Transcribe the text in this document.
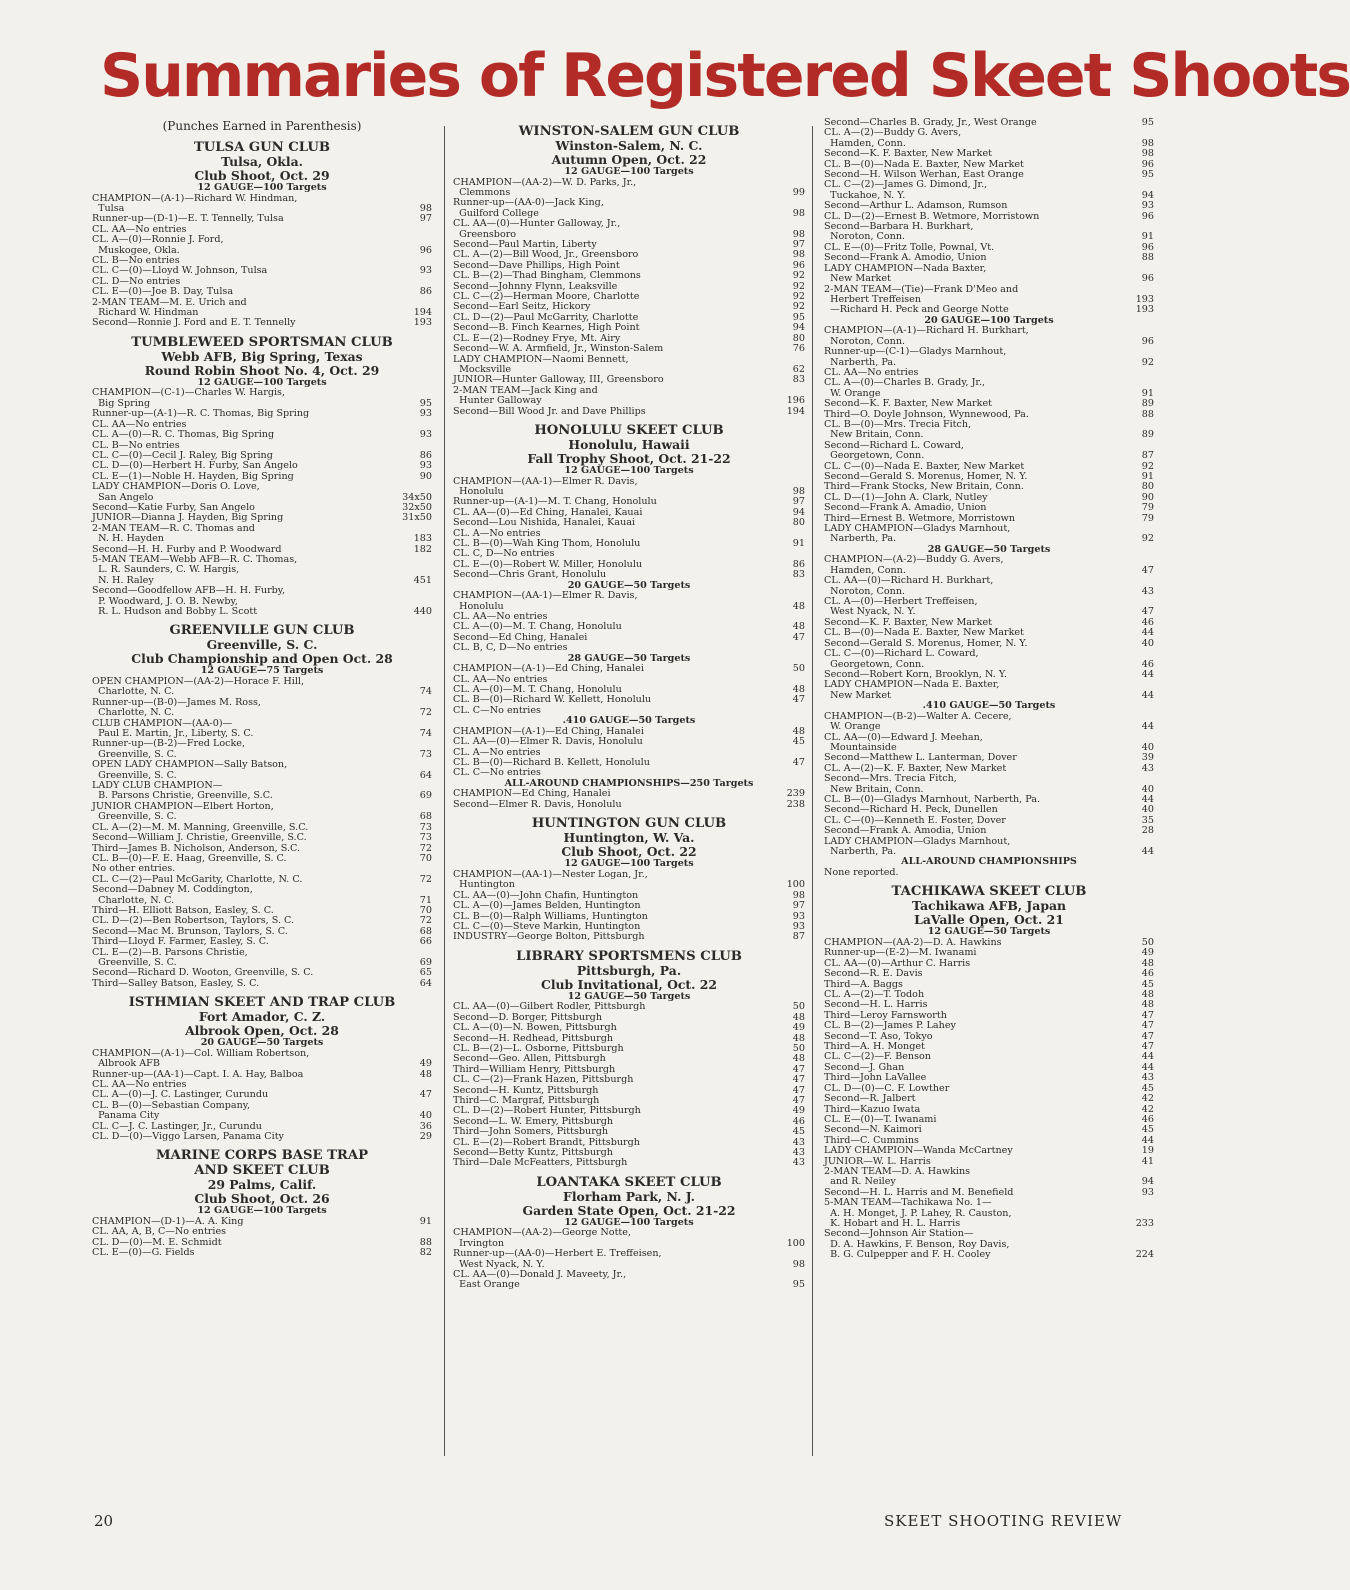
Summaries of Registered Skeet Shoots
(Punches Earned in Parenthesis)
TULSA GUN CLUB
Tulsa, Okla.
Club Shoot, Oct. 29
12 GAUGE—100 Targets
CHAMPION—(A-1)—Richard W. Hindman,
Tulsa	98
Runner-up—(D-1)—E. T. Tennelly, Tulsa	97
CL. AA—No entries
CL. A—(0)—Ronnie J. Ford,
Muskogee, Okla.	96
CL. B—No entries
CL. C—(0)—Lloyd W. Johnson, Tulsa	93
CL. D—No entries
CL. E—(0)—Joe B. Day, Tulsa	86
2-MAN TEAM—M. E. Urich and
Richard W. Hindman	194
Second—Ronnie J. Ford and E. T. Tennelly	193
TUMBLEWEED SPORTSMAN CLUB
Webb AFB, Big Spring, Texas
Round Robin Shoot No. 4, Oct. 29
12 GAUGE—100 Targets
CHAMPION—(C-1)—Charles W. Hargis,
Big Spring	95
Runner-up—(A-1)—R. C. Thomas, Big Spring	93
CL. AA—No entries
CL. A—(0)—R. C. Thomas, Big Spring	93
CL. B—No entries
CL. C—(0)—Cecil J. Raley, Big Spring	86
CL. D—(0)—Herbert H. Furby, San Angelo	93
CL. E—(1)—Noble H. Hayden, Big Spring	90
LADY CHAMPION—Doris O. Love,
San Angelo	34x50
Second—Katie Furby, San Angelo	32x50
JUNIOR—Dianna J. Hayden, Big Spring	31x50
2-MAN TEAM—R. C. Thomas and
N. H. Hayden	183
Second—H. H. Furby and P. Woodward	182
5-MAN TEAM—Webb AFB—R. C. Thomas,
L. R. Saunders, C. W. Hargis,
N. H. Raley	451
Second—Goodfellow AFB—H. H. Furby,
P. Woodward, J. O. B. Newby,
R. L. Hudson and Bobby L. Scott	440
GREENVILLE GUN CLUB
Greenville, S. C.
Club Championship and Open Oct. 28
12 GAUGE—75 Targets
OPEN CHAMPION—(AA-2)—Horace F. Hill,
Charlotte, N. C.	74
Runner-up—(B-0)—James M. Ross,
Charlotte, N. C.	72
CLUB CHAMPION—(AA-0)—
Paul E. Martin, Jr., Liberty, S. C.	74
Runner-up—(B-2)—Fred Locke,
Greenville, S. C.	73
OPEN LADY CHAMPION—Sally Batson,
Greenville, S. C.	64
LADY CLUB CHAMPION—
B. Parsons Christie, Greenville, S.C.	69
JUNIOR CHAMPION—Elbert Horton,
Greenville, S. C.	68
CL. A—(2)—M. M. Manning, Greenville, S.C.	73
Second—William J. Christie, Greenville, S.C.	73
Third—James B. Nicholson, Anderson, S.C.	72
CL. B—(0)—F. E. Haag, Greenville, S. C.	70
No other entries.
CL. C—(2)—Paul McGarity, Charlotte, N. C.	72
Second—Dabney M. Coddington,
Charlotte, N. C.	71
Third—H. Elliott Batson, Easley, S. C.	70
CL. D—(2)—Ben Robertson, Taylors, S. C.	72
Second—Mac M. Brunson, Taylors, S. C.	68
Third—Lloyd F. Farmer, Easley, S. C.	66
CL. E—(2)—B. Parsons Christie,
Greenville, S. C.	69
Second—Richard D. Wooton, Greenville, S. C.	65
Third—Salley Batson, Easley, S. C.	64
ISTHMIAN SKEET AND TRAP CLUB
Fort Amador, C. Z.
Albrook Open, Oct. 28
20 GAUGE—50 Targets
CHAMPION—(A-1)—Col. William Robertson,
Albrook AFB	49
Runner-up—(AA-1)—Capt. I. A. Hay, Balboa	48
CL. AA—No entries
CL. A—(0)—J. C. Lastinger, Curundu	47
CL. B—(0)—Sebastian Company,
Panama City	40
CL. C—J. C. Lastinger, Jr., Curundu	36
CL. D—(0)—Viggo Larsen, Panama City	29
MARINE CORPS BASE TRAP
AND SKEET CLUB
29 Palms, Calif.
Club Shoot, Oct. 26
12 GAUGE—100 Targets
CHAMPION—(D-1)—A. A. King	91
CL. AA, A, B, C—No entries
CL. D—(0)—M. E. Schmidt	88
CL. E—(0)—G. Fields	82
WINSTON-SALEM GUN CLUB
Winston-Salem, N. C.
Autumn Open, Oct. 22
12 GAUGE—100 Targets
CHAMPION—(AA-2)—W. D. Parks, Jr.,
Clemmons	99
Runner-up—(AA-0)—Jack King,
Guilford College	98
CL. AA—(0)—Hunter Galloway, Jr.,
Greensboro	98
Second—Paul Martin, Liberty	97
CL. A—(2)—Bill Wood, Jr., Greensboro	98
Second—Dave Phillips, High Point	96
CL. B—(2)—Thad Bingham, Clemmons	92
Second—Johnny Flynn, Leaksville	92
CL. C—(2)—Herman Moore, Charlotte	92
Second—Earl Seitz, Hickory	92
CL. D—(2)—Paul McGarrity, Charlotte	95
Second—B. Finch Kearnes, High Point	94
CL. E—(2)—Rodney Frye, Mt. Airy	80
Second—W. A. Armfield, Jr., Winston-Salem	76
LADY CHAMPION—Naomi Bennett,
Mocksville	62
JUNIOR—Hunter Galloway, III, Greensboro	83
2-MAN TEAM—Jack King and
Hunter Galloway	196
Second—Bill Wood Jr. and Dave Phillips	194
HONOLULU SKEET CLUB
Honolulu, Hawaii
Fall Trophy Shoot, Oct. 21-22
12 GAUGE—100 Targets
CHAMPION—(AA-1)—Elmer R. Davis,
Honolulu	98
Runner-up—(A-1)—M. T. Chang, Honolulu	97
CL. AA—(0)—Ed Ching, Hanalei, Kauai	94
Second—Lou Nishida, Hanalei, Kauai	80
CL. A—No entries
CL. B—(0)—Wah King Thom, Honolulu	91
CL. C, D—No entries
CL. E—(0)—Robert W. Miller, Honolulu	86
Second—Chris Grant, Honolulu	83
20 GAUGE—50 Targets
CHAMPION—(AA-1)—Elmer R. Davis,
Honolulu	48
CL. AA—No entries
CL. A—(0)—M. T. Chang, Honolulu	48
Second—Ed Ching, Hanalei	47
CL. B, C, D—No entries
28 GAUGE—50 Targets
CHAMPION—(A-1)—Ed Ching, Hanalei	50
CL. AA—No entries
CL. A—(0)—M. T. Chang, Honolulu	48
CL. B—(0)—Richard W. Kellett, Honolulu	47
CL. C—No entries
.410 GAUGE—50 Targets
CHAMPION—(A-1)—Ed Ching, Hanalei	48
CL. AA—(0)—Elmer R. Davis, Honolulu	45
CL. A—No entries
CL. B—(0)—Richard B. Kellett, Honolulu	47
CL. C—No entries
ALL-AROUND CHAMPIONSHIPS—250 Targets
CHAMPION—Ed Ching, Hanalei	239
Second—Elmer R. Davis, Honolulu	238
HUNTINGTON GUN CLUB
Huntington, W. Va.
Club Shoot, Oct. 22
12 GAUGE—100 Targets
CHAMPION—(AA-1)—Nester Logan, Jr.,
Huntington	100
CL. AA—(0)—John Chafin, Huntington	98
CL. A—(0)—James Belden, Huntington	97
CL. B—(0)—Ralph Williams, Huntington	93
CL. C—(0)—Steve Markin, Huntington	93
INDUSTRY—George Bolton, Pittsburgh	87
LIBRARY SPORTSMENS CLUB
Pittsburgh, Pa.
Club Invitational, Oct. 22
12 GAUGE—50 Targets
CL. AA—(0)—Gilbert Rodler, Pittsburgh	50
Second—D. Borger, Pittsburgh	48
CL. A—(0)—N. Bowen, Pittsburgh	49
Second—H. Redhead, Pittsburgh	48
CL. B—(2)—L. Osborne, Pittsburgh	50
Second—Geo. Allen, Pittsburgh	48
Third—William Henry, Pittsburgh	47
CL. C—(2)—Frank Hazen, Pittsburgh	47
Second—H. Kuntz, Pittsburgh	47
Third—C. Margraf, Pittsburgh	47
CL. D—(2)—Robert Hunter, Pittsburgh	49
Second—L. W. Emery, Pittsburgh	46
Third—John Somers, Pittsburgh	45
CL. E—(2)—Robert Brandt, Pittsburgh	43
Second—Betty Kuntz, Pittsburgh	43
Third—Dale McFeatters, Pittsburgh	43
LOANTAKA SKEET CLUB
Florham Park, N. J.
Garden State Open, Oct. 21-22
12 GAUGE—100 Targets
CHAMPION—(AA-2)—George Notte,
Irvington	100
Runner-up—(AA-0)—Herbert E. Treffeisen,
West Nyack, N. Y.	98
CL. AA—(0)—Donald J. Maveety, Jr.,
East Orange	95
Second—Charles B. Grady, Jr., West Orange	95
CL. A—(2)—Buddy G. Avers,
Hamden, Conn.	98
Second—K. F. Baxter, New Market	98
CL. B—(0)—Nada E. Baxter, New Market	96
Second—H. Wilson Werhan, East Orange	95
CL. C—(2)—James G. Dimond, Jr.,
Tuckahoe, N. Y.	94
Second—Arthur L. Adamson, Rumson	93
CL. D—(2)—Ernest B. Wetmore, Morristown	96
Second—Barbara H. Burkhart,
Noroton, Conn.	91
CL. E—(0)—Fritz Tolle, Pownal, Vt.	96
Second—Frank A. Amodio, Union	88
LADY CHAMPION—Nada Baxter,
New Market	96
2-MAN TEAM—(Tie)—Frank D'Meo and
Herbert Treffeisen	193
—Richard H. Peck and George Notte	193
20 GAUGE—100 Targets
CHAMPION—(A-1)—Richard H. Burkhart,
Noroton, Conn.	96
Runner-up—(C-1)—Gladys Marnhout,
Narberth, Pa.	92
CL. AA—No entries
CL. A—(0)—Charles B. Grady, Jr.,
W. Orange	91
Second—K. F. Baxter, New Market	89
Third—O. Doyle Johnson, Wynnewood, Pa.	88
CL. B—(0)—Mrs. Trecia Fitch,
New Britain, Conn.	89
Second—Richard L. Coward,
Georgetown, Conn.	87
CL. C—(0)—Nada E. Baxter, New Market	92
Second—Gerald S. Morenus, Homer, N. Y.	91
Third—Frank Stocks, New Britain, Conn.	80
CL. D—(1)—John A. Clark, Nutley	90
Second—Frank A. Amadio, Union	79
Third—Ernest B. Wetmore, Morristown	79
LADY CHAMPION—Gladys Marnhout,
Narberth, Pa.	92
28 GAUGE—50 Targets
CHAMPION—(A-2)—Buddy G. Avers,
Hamden, Conn.	47
CL. AA—(0)—Richard H. Burkhart,
Noroton, Conn.	43
CL. A—(0)—Herbert Treffeisen,
West Nyack, N. Y.	47
Second—K. F. Baxter, New Market	46
CL. B—(0)—Nada E. Baxter, New Market	44
Second—Gerald S. Morenus, Homer, N. Y.	40
CL. C—(0)—Richard L. Coward,
Georgetown, Conn.	46
Second—Robert Korn, Brooklyn, N. Y.	44
LADY CHAMPION—Nada E. Baxter,
New Market	44
.410 GAUGE—50 Targets
CHAMPION—(B-2)—Walter A. Cecere,
W. Orange	44
CL. AA—(0)—Edward J. Meehan,
Mountainside	40
Second—Matthew L. Lanterman, Dover	39
CL. A—(2)—K. F. Baxter, New Market	43
Second—Mrs. Trecia Fitch,
New Britain, Conn.	40
CL. B—(0)—Gladys Marnhout, Narberth, Pa.	44
Second—Richard H. Peck, Dunellen	40
CL. C—(0)—Kenneth E. Foster, Dover	35
Second—Frank A. Amodia, Union	28
LADY CHAMPION—Gladys Marnhout,
Narberth, Pa.	44
ALL-AROUND CHAMPIONSHIPS
None reported.
TACHIKAWA SKEET CLUB
Tachikawa AFB, Japan
LaValle Open, Oct. 21
12 GAUGE—50 Targets
CHAMPION—(AA-2)—D. A. Hawkins	50
Runner-up—(E-2)—M. Iwanami	49
CL. AA—(0)—Arthur C. Harris	48
Second—R. E. Davis	46
Third—A. Baggs	45
CL. A—(2)—T. Todoh	48
Second—H. L. Harris	48
Third—Leroy Farnsworth	47
CL. B—(2)—James P. Lahey	47
Second—T. Aso, Tokyo	47
Third—A. H. Monget	47
CL. C—(2)—F. Benson	44
Second—J. Ghan	44
Third—John LaVallee	43
CL. D—(0)—C. F. Lowther	45
Second—R. Jalbert	42
Third—Kazuo Iwata	42
CL. E—(0)—T. Iwanami	46
Second—N. Kaimori	45
Third—C. Cummins	44
LADY CHAMPION—Wanda McCartney	19
JUNIOR—W. L. Harris	41
2-MAN TEAM—D. A. Hawkins
and R. Neiley	94
Second—H. L. Harris and M. Benefield	93
5-MAN TEAM—Tachikawa No. 1—
A. H. Monget, J. P. Lahey, R. Causton,
K. Hobart and H. L. Harris	233
Second—Johnson Air Station—
D. A. Hawkins, F. Benson, Roy Davis,
B. G. Culpepper and F. H. Cooley	224
20	SKEET SHOOTING REVIEW
